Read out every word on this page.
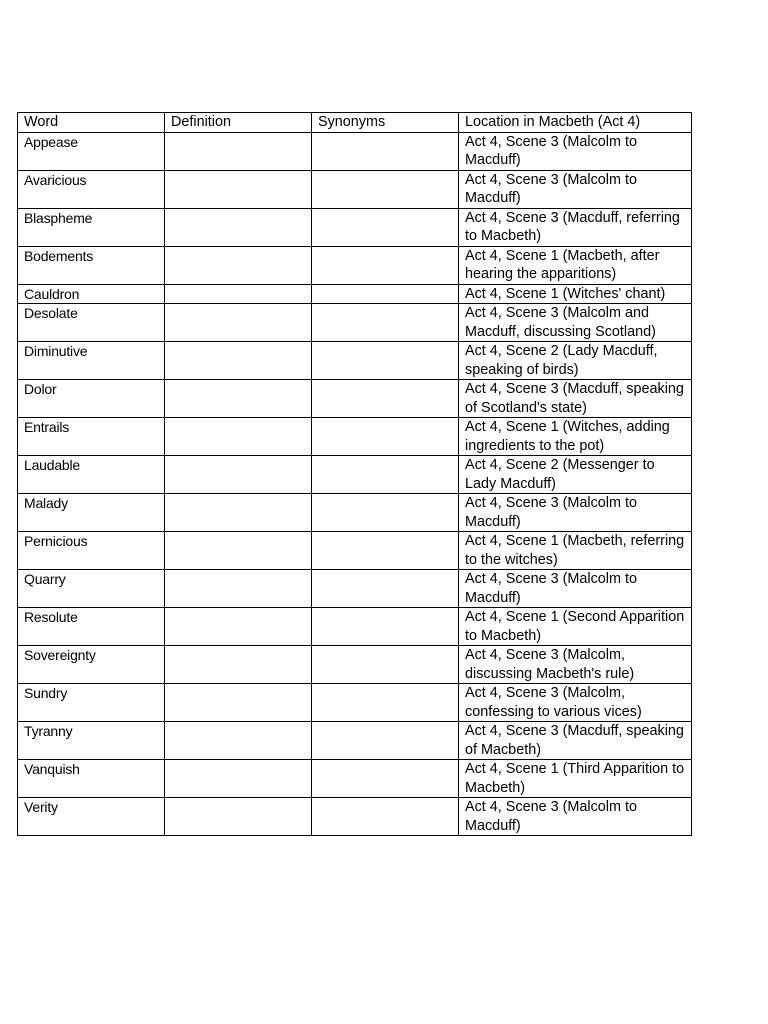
Word	Definition	Synonyms	Location in Macbeth (Act 4)
Appease			Act 4, Scene 3 (Malcolm to Macduff)
Avaricious			Act 4, Scene 3 (Malcolm to Macduff)
Blaspheme			Act 4, Scene 3 (Macduff, referring to Macbeth)
Bodements			Act 4, Scene 1 (Macbeth, after hearing the apparitions)
Cauldron			Act 4, Scene 1 (Witches' chant)
Desolate			Act 4, Scene 3 (Malcolm and Macduff, discussing Scotland)
Diminutive			Act 4, Scene 2 (Lady Macduff, speaking of birds)
Dolor			Act 4, Scene 3 (Macduff, speaking of Scotland's state)
Entrails			Act 4, Scene 1 (Witches, adding ingredients to the pot)
Laudable			Act 4, Scene 2 (Messenger to Lady Macduff)
Malady			Act 4, Scene 3 (Malcolm to Macduff)
Pernicious			Act 4, Scene 1 (Macbeth, referring to the witches)
Quarry			Act 4, Scene 3 (Malcolm to Macduff)
Resolute			Act 4, Scene 1 (Second Apparition to Macbeth)
Sovereignty			Act 4, Scene 3 (Malcolm, discussing Macbeth's rule)
Sundry			Act 4, Scene 3 (Malcolm, confessing to various vices)
Tyranny			Act 4, Scene 3 (Macduff, speaking of Macbeth)
Vanquish			Act 4, Scene 1 (Third Apparition to Macbeth)
Verity			Act 4, Scene 3 (Malcolm to Macduff)
